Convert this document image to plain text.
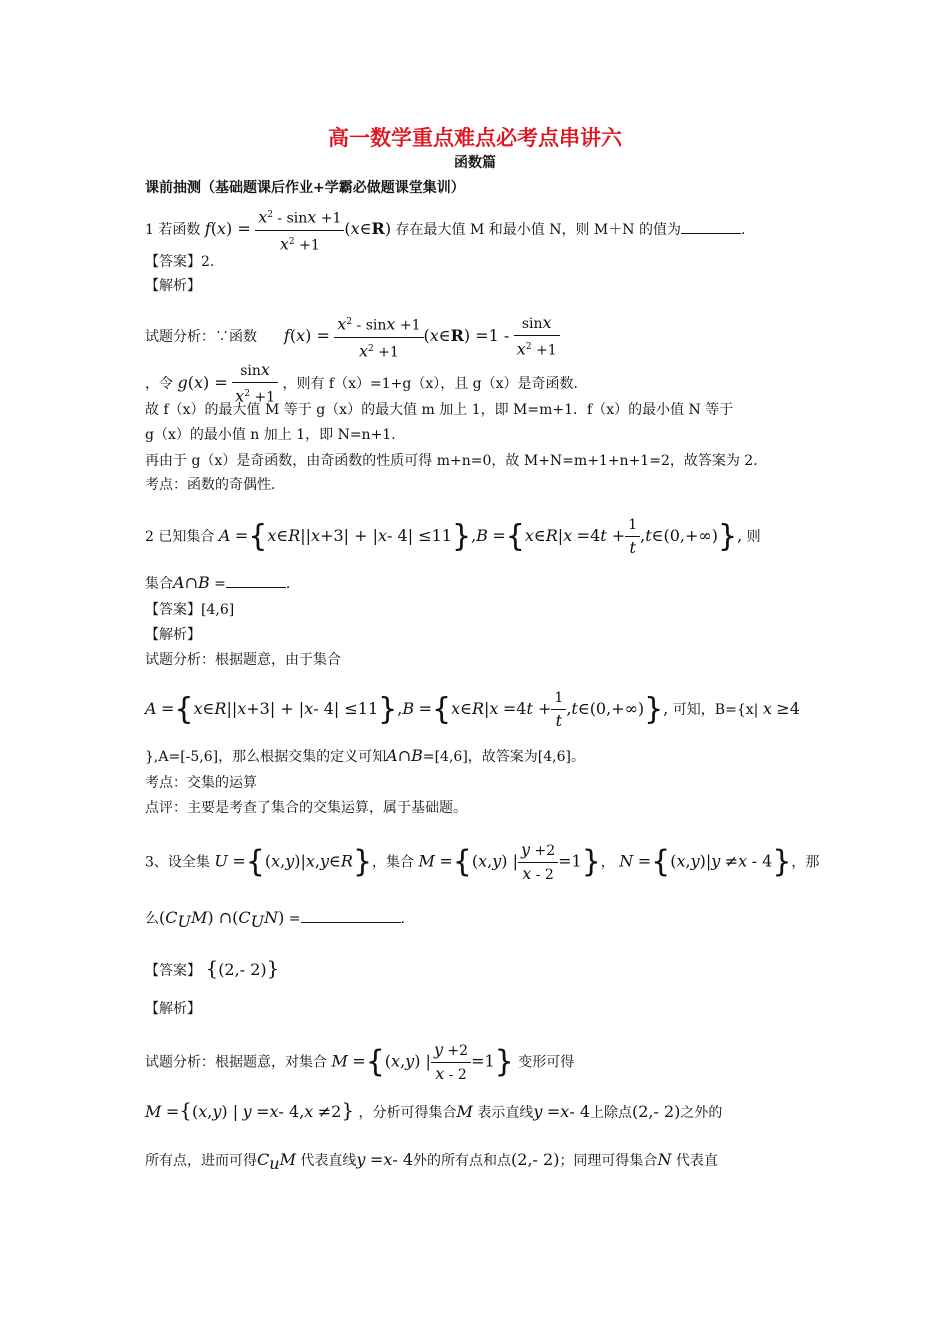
高一数学重点难点必考点串讲六
函数篇
课前抽测（基础题课后作业+学霸必做题课堂集训）
1 若函数 $f(x) = \frac{x^2 - \sin x +1}{x^2 +1}$ (x∈R) 存在最大值 M 和最小值 N，则 M＋N 的值为	.
【答案】2.
【解析】
试题分析：∵函数 $f(x) = \frac{x^2 - \sin x +1}{x^2 +1}$ (x∈R) $=1 - \frac{\sin x}{x^2 +1}$
，令 $g(x) = \frac{\sin x}{x^2 +1}$ ，则有 f（x）=1+g（x），且 g（x）是奇函数．
故 f（x）的最大值 M 等于 g（x）的最大值 m 加上 1，即 M=m+1．f（x）的最小值 N 等于
g（x）的最小值 n 加上 1，即 N=n+1．
再由于 g（x）是奇函数，由奇函数的性质可得 m+n=0，故 M+N=m+1+n+1=2，故答案为 2．
考点：函数的奇偶性．
2 已知集合 A ={x∈R||x+3| + |x- 4| ≤11},B ={x∈R|x $=4t + \frac{1}{t}$ ,t∈(0,+∞)}, 则
集合A∩B =	.
【答案】[4,6]
【解析】
试题分析：根据题意，由于集合
A ={x∈R||x+3| + |x- 4| ≤11},B ={x∈R|x $=4t + \frac{1}{t}$ ,t∈(0,+∞)}, 可知，B={x| x ≥4
},A=[-5,6]，那么根据交集的定义可知A∩B=[4,6]，故答案为[4,6]。
考点：交集的运算
点评：主要是考查了集合的交集运算，属于基础题。
3、设全集 U ={(x,y)|x,y∈R}，集合 M ={(x,y) | $\frac{y +2}{x - 2} =1$}， N ={(x,y)|y ≠x - 4}，那
么$(C_UM)$ $\cap(C_UN)$ =	.
【答案】 {(2,- 2)}
【解析】
试题分析：根据题意，对集合 M ={(x,y) | $\frac{y +2}{x - 2} =1$} 变形可得
M ={(x,y) | y =x- 4,x ≠2} ，分析可得集合M 表示直线y =x- 4上除点(2,- 2)之外的
所有点，进而可得$C_uM$ 代表直线y =x- 4外的所有点和点(2,- 2)；同理可得集合N 代表直
